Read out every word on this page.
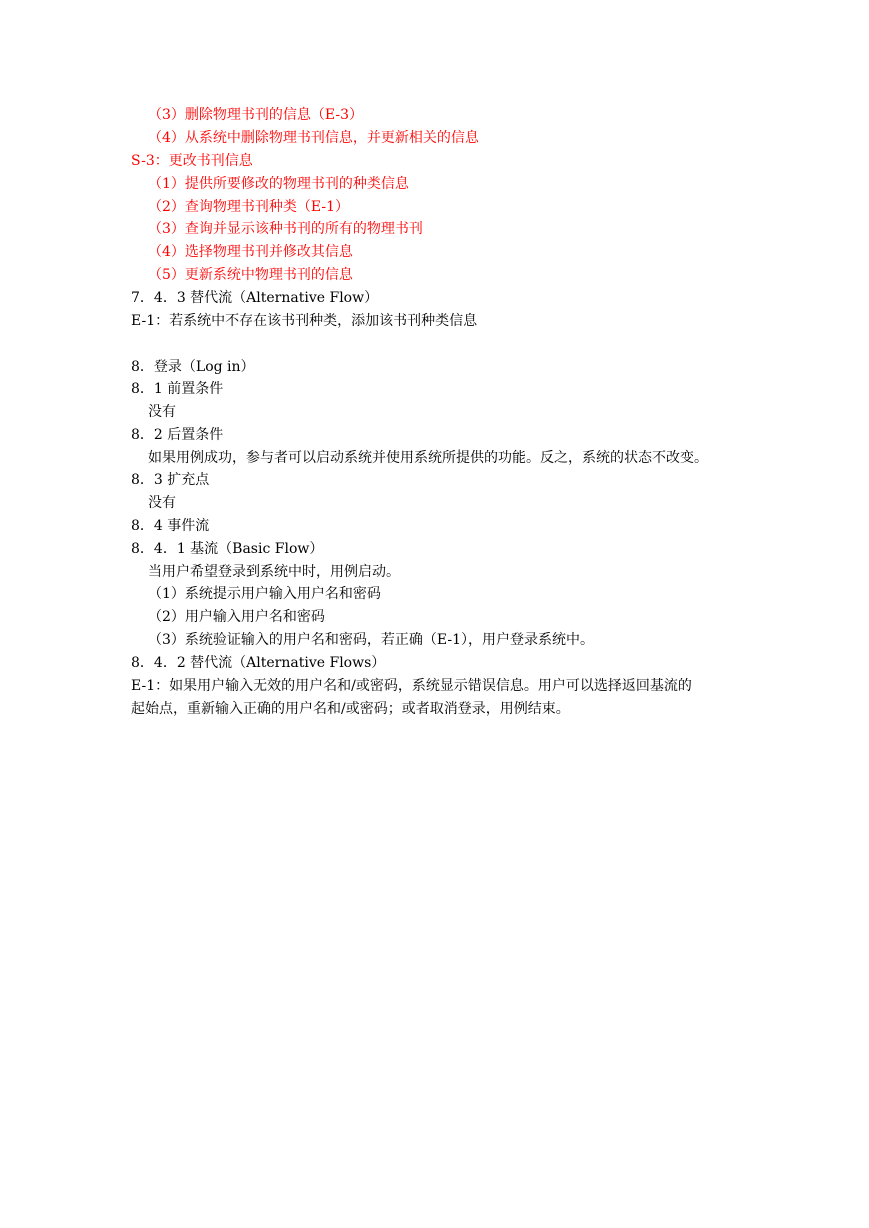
（3）删除物理书刊的信息（E-3）
（4）从系统中删除物理书刊信息，并更新相关的信息
S-3：更改书刊信息
（1）提供所要修改的物理书刊的种类信息
（2）查询物理书刊种类（E-1）
（3）查询并显示该种书刊的所有的物理书刊
（4）选择物理书刊并修改其信息
（5）更新系统中物理书刊的信息
7．4．3 替代流（Alternative Flow）
E-1：若系统中不存在该书刊种类，添加该书刊种类信息
8．登录（Log in）
8．1 前置条件
没有
8．2 后置条件
如果用例成功，参与者可以启动系统并使用系统所提供的功能。反之，系统的状态不改变。
8．3 扩充点
没有
8．4 事件流
8．4．1 基流（Basic Flow）
当用户希望登录到系统中时，用例启动。
（1）系统提示用户输入用户名和密码
（2）用户输入用户名和密码
（3）系统验证输入的用户名和密码，若正确（E-1），用户登录系统中。
8．4．2 替代流（Alternative Flows）
E-1：如果用户输入无效的用户名和/或密码，系统显示错误信息。用户可以选择返回基流的
起始点，重新输入正确的用户名和/或密码；或者取消登录，用例结束。
